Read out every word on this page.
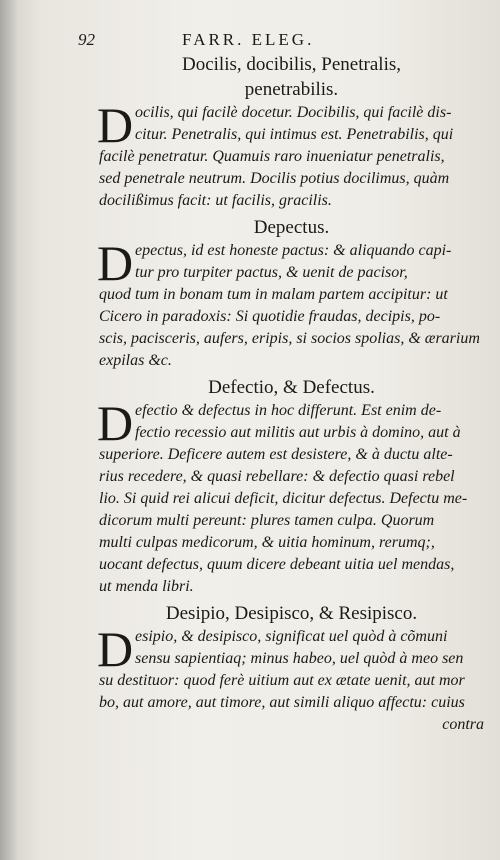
92	FARR. ELEG.
Docilis, docibilis, Penetralis,
penetrabilis.
D ocilis, qui facilè docetur. Docibilis, qui facilè dis-
citur. Penetralis, qui intimus est. Penetrabilis, qui
facilè penetratur. Quamuis raro inueniatur penetralis,
sed penetrale neutrum. Docilis potius docilimus, quàm
docilißimus facit: ut facilis, gracilis.

Depectus.
D epectus, id est honeste pactus: & aliquando capi-
tur pro turpiter pactus, & uenit de pacisor,
quod tum in bonam tum in malam partem accipitur: ut
Cicero in paradoxis: Si quotidie fraudas, decipis, po-
scis, pacisceris, aufers, eripis, si socios spolias, & ærarium
expilas &c.

Defectio, & Defectus.
D efectio & defectus in hoc differunt. Est enim de-
fectio recessio aut militis aut urbis à domino, aut à
superiore. Deficere autem est desistere, & à ductu alte-
rius recedere, & quasi rebellare: & defectio quasi rebel
lio. Si quid rei alicui deficit, dicitur defectus. Defectu me-
dicorum multi pereunt: plures tamen culpa. Quorum
multi culpas medicorum, & uitia hominum, rerumq;,
uocant defectus, quum dicere debeant uitia uel mendas,
ut menda libri.

Desipio, Desipisco, & Resipisco.
D esipio, & desipisco, significat uel quòd à cõmuni
sensu sapientiaq; minus habeo, uel quòd à meo sen
su destituor: quod ferè uitium aut ex ætate uenit, aut mor
bo, aut amore, aut timore, aut simili aliquo affectu: cuius
contra
